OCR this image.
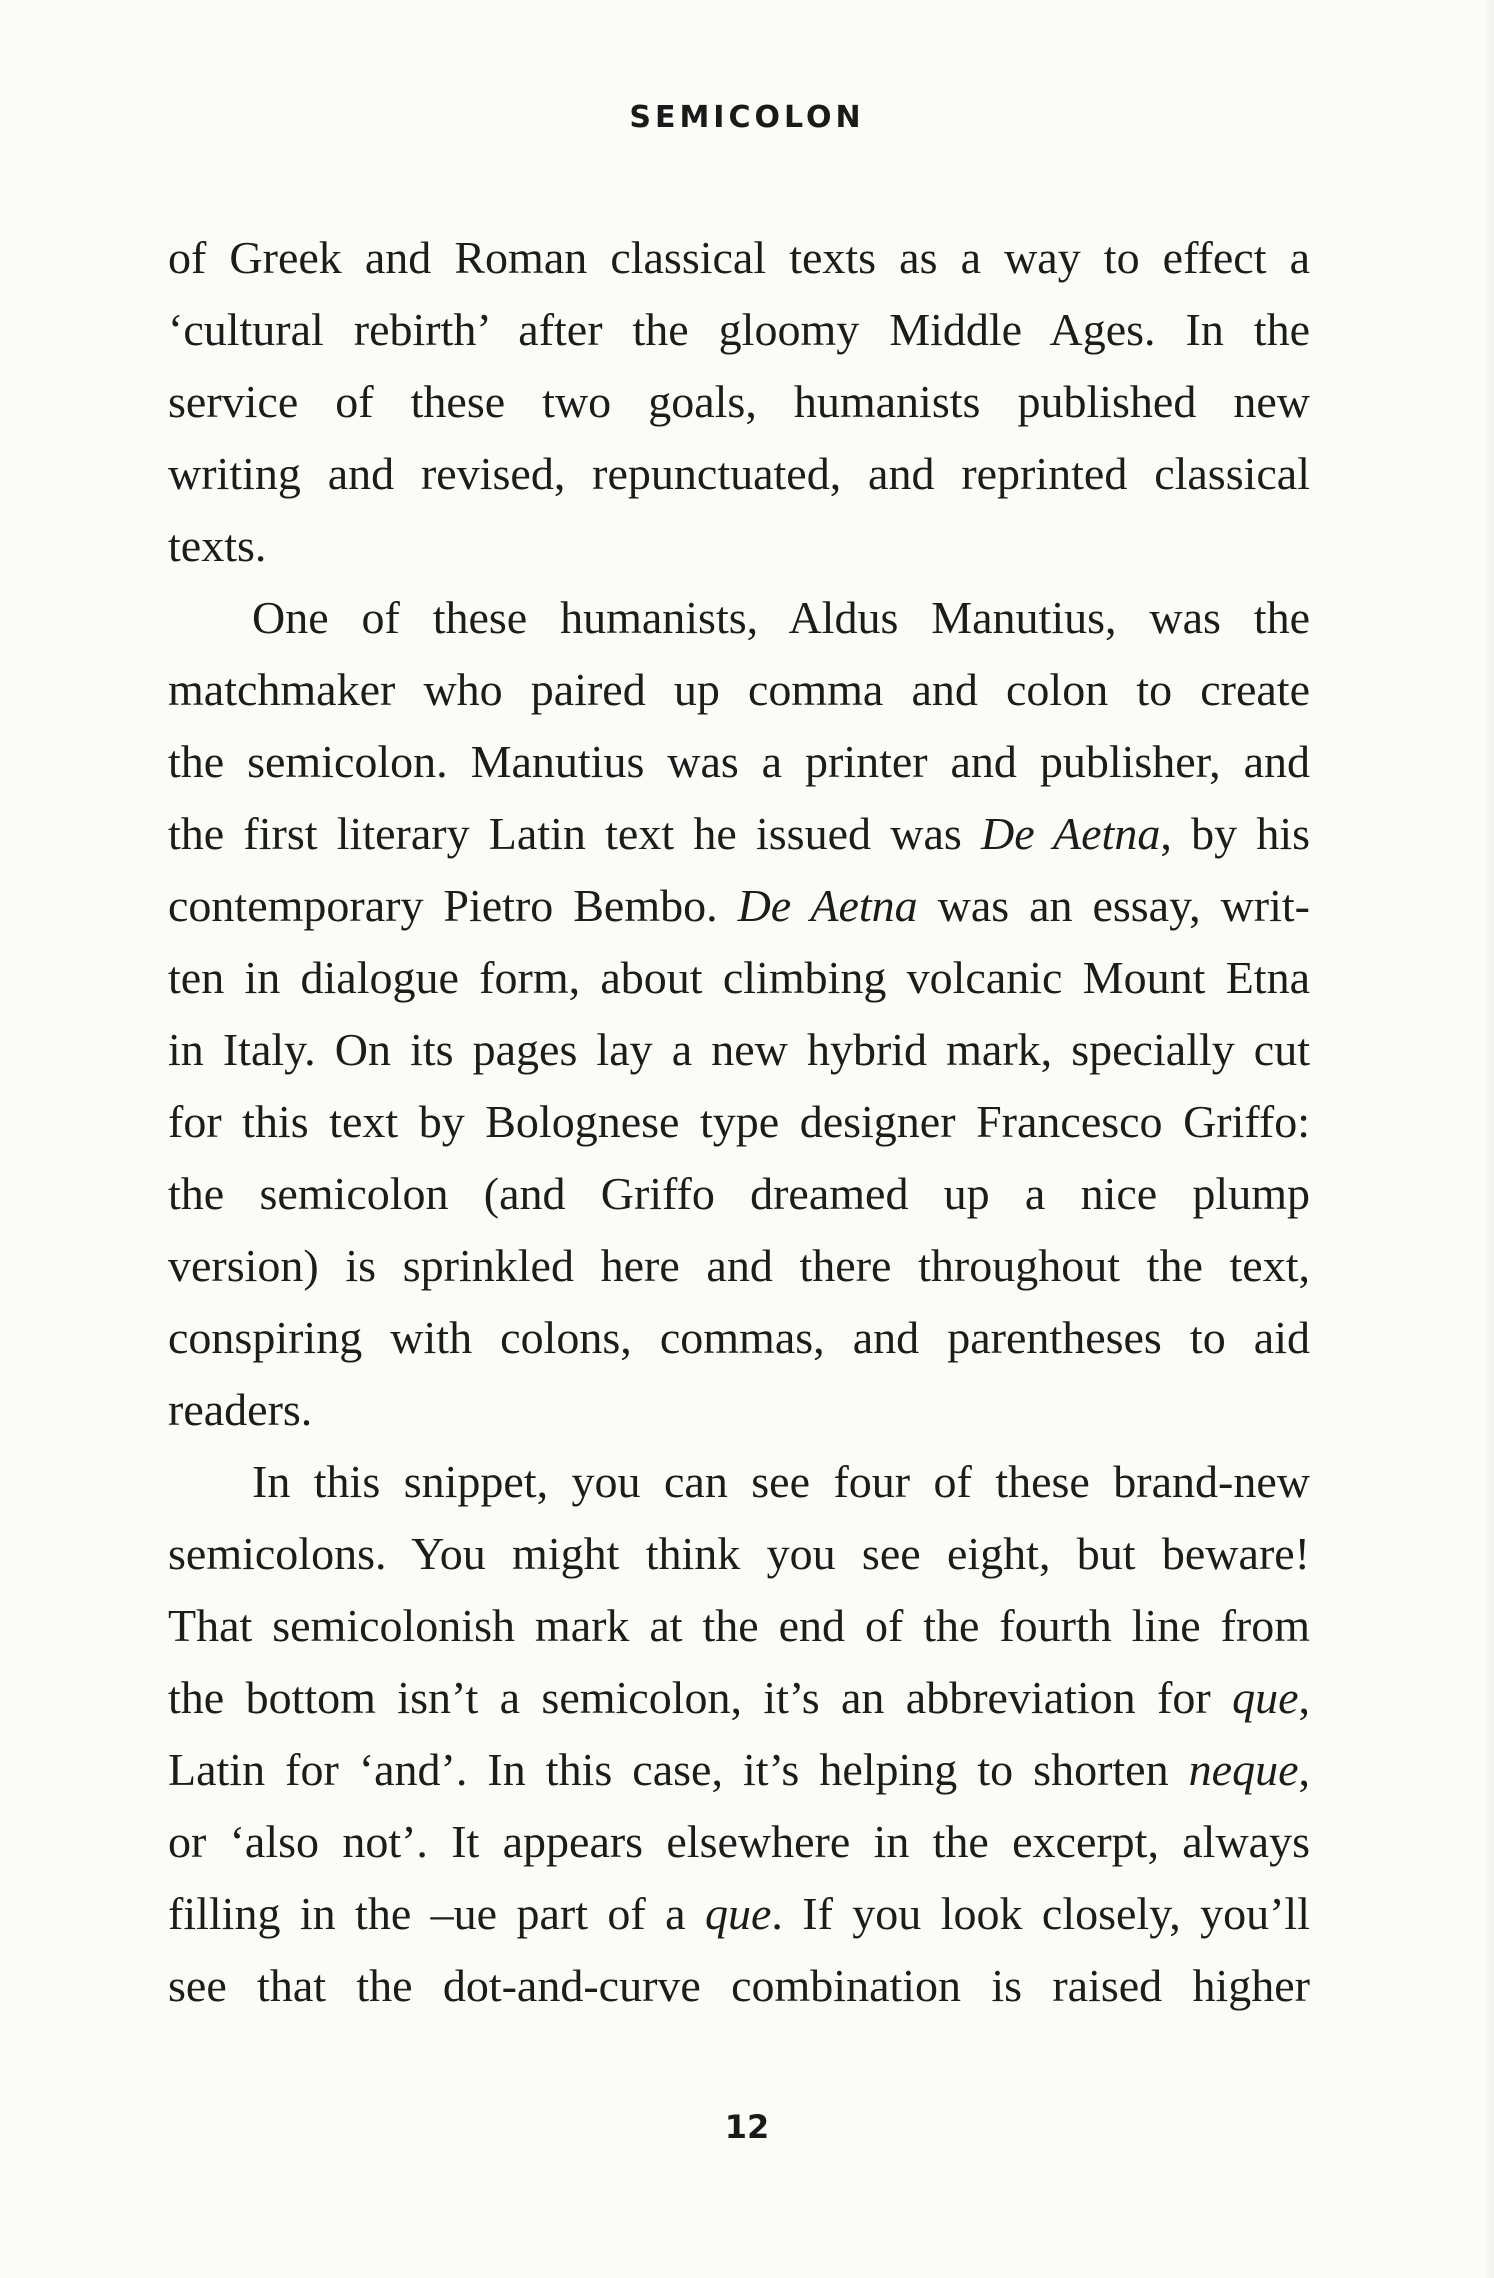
SEMICOLON
of Greek and Roman classical texts as a way to effect a
‘cultural rebirth’ after the gloomy Middle Ages. In the
service of these two goals, humanists published new
writing and revised, repunctuated, and reprinted classical
texts.
One of these humanists, Aldus Manutius, was the
matchmaker who paired up comma and colon to create
the semicolon. Manutius was a printer and publisher, and
the first literary Latin text he issued was De Aetna, by his
contemporary Pietro Bembo. De Aetna was an essay, writ-
ten in dialogue form, about climbing volcanic Mount Etna
in Italy. On its pages lay a new hybrid mark, specially cut
for this text by Bolognese type designer Francesco Griffo:
the semicolon (and Griffo dreamed up a nice plump
version) is sprinkled here and there throughout the text,
conspiring with colons, commas, and parentheses to aid
readers.
In this snippet, you can see four of these brand-new
semicolons. You might think you see eight, but beware!
That semicolonish mark at the end of the fourth line from
the bottom isn’t a semicolon, it’s an abbreviation for que,
Latin for ‘and’. In this case, it’s helping to shorten neque,
or ‘also not’. It appears elsewhere in the excerpt, always
filling in the –ue part of a que. If you look closely, you’ll
see that the dot-and-curve combination is raised higher
12
